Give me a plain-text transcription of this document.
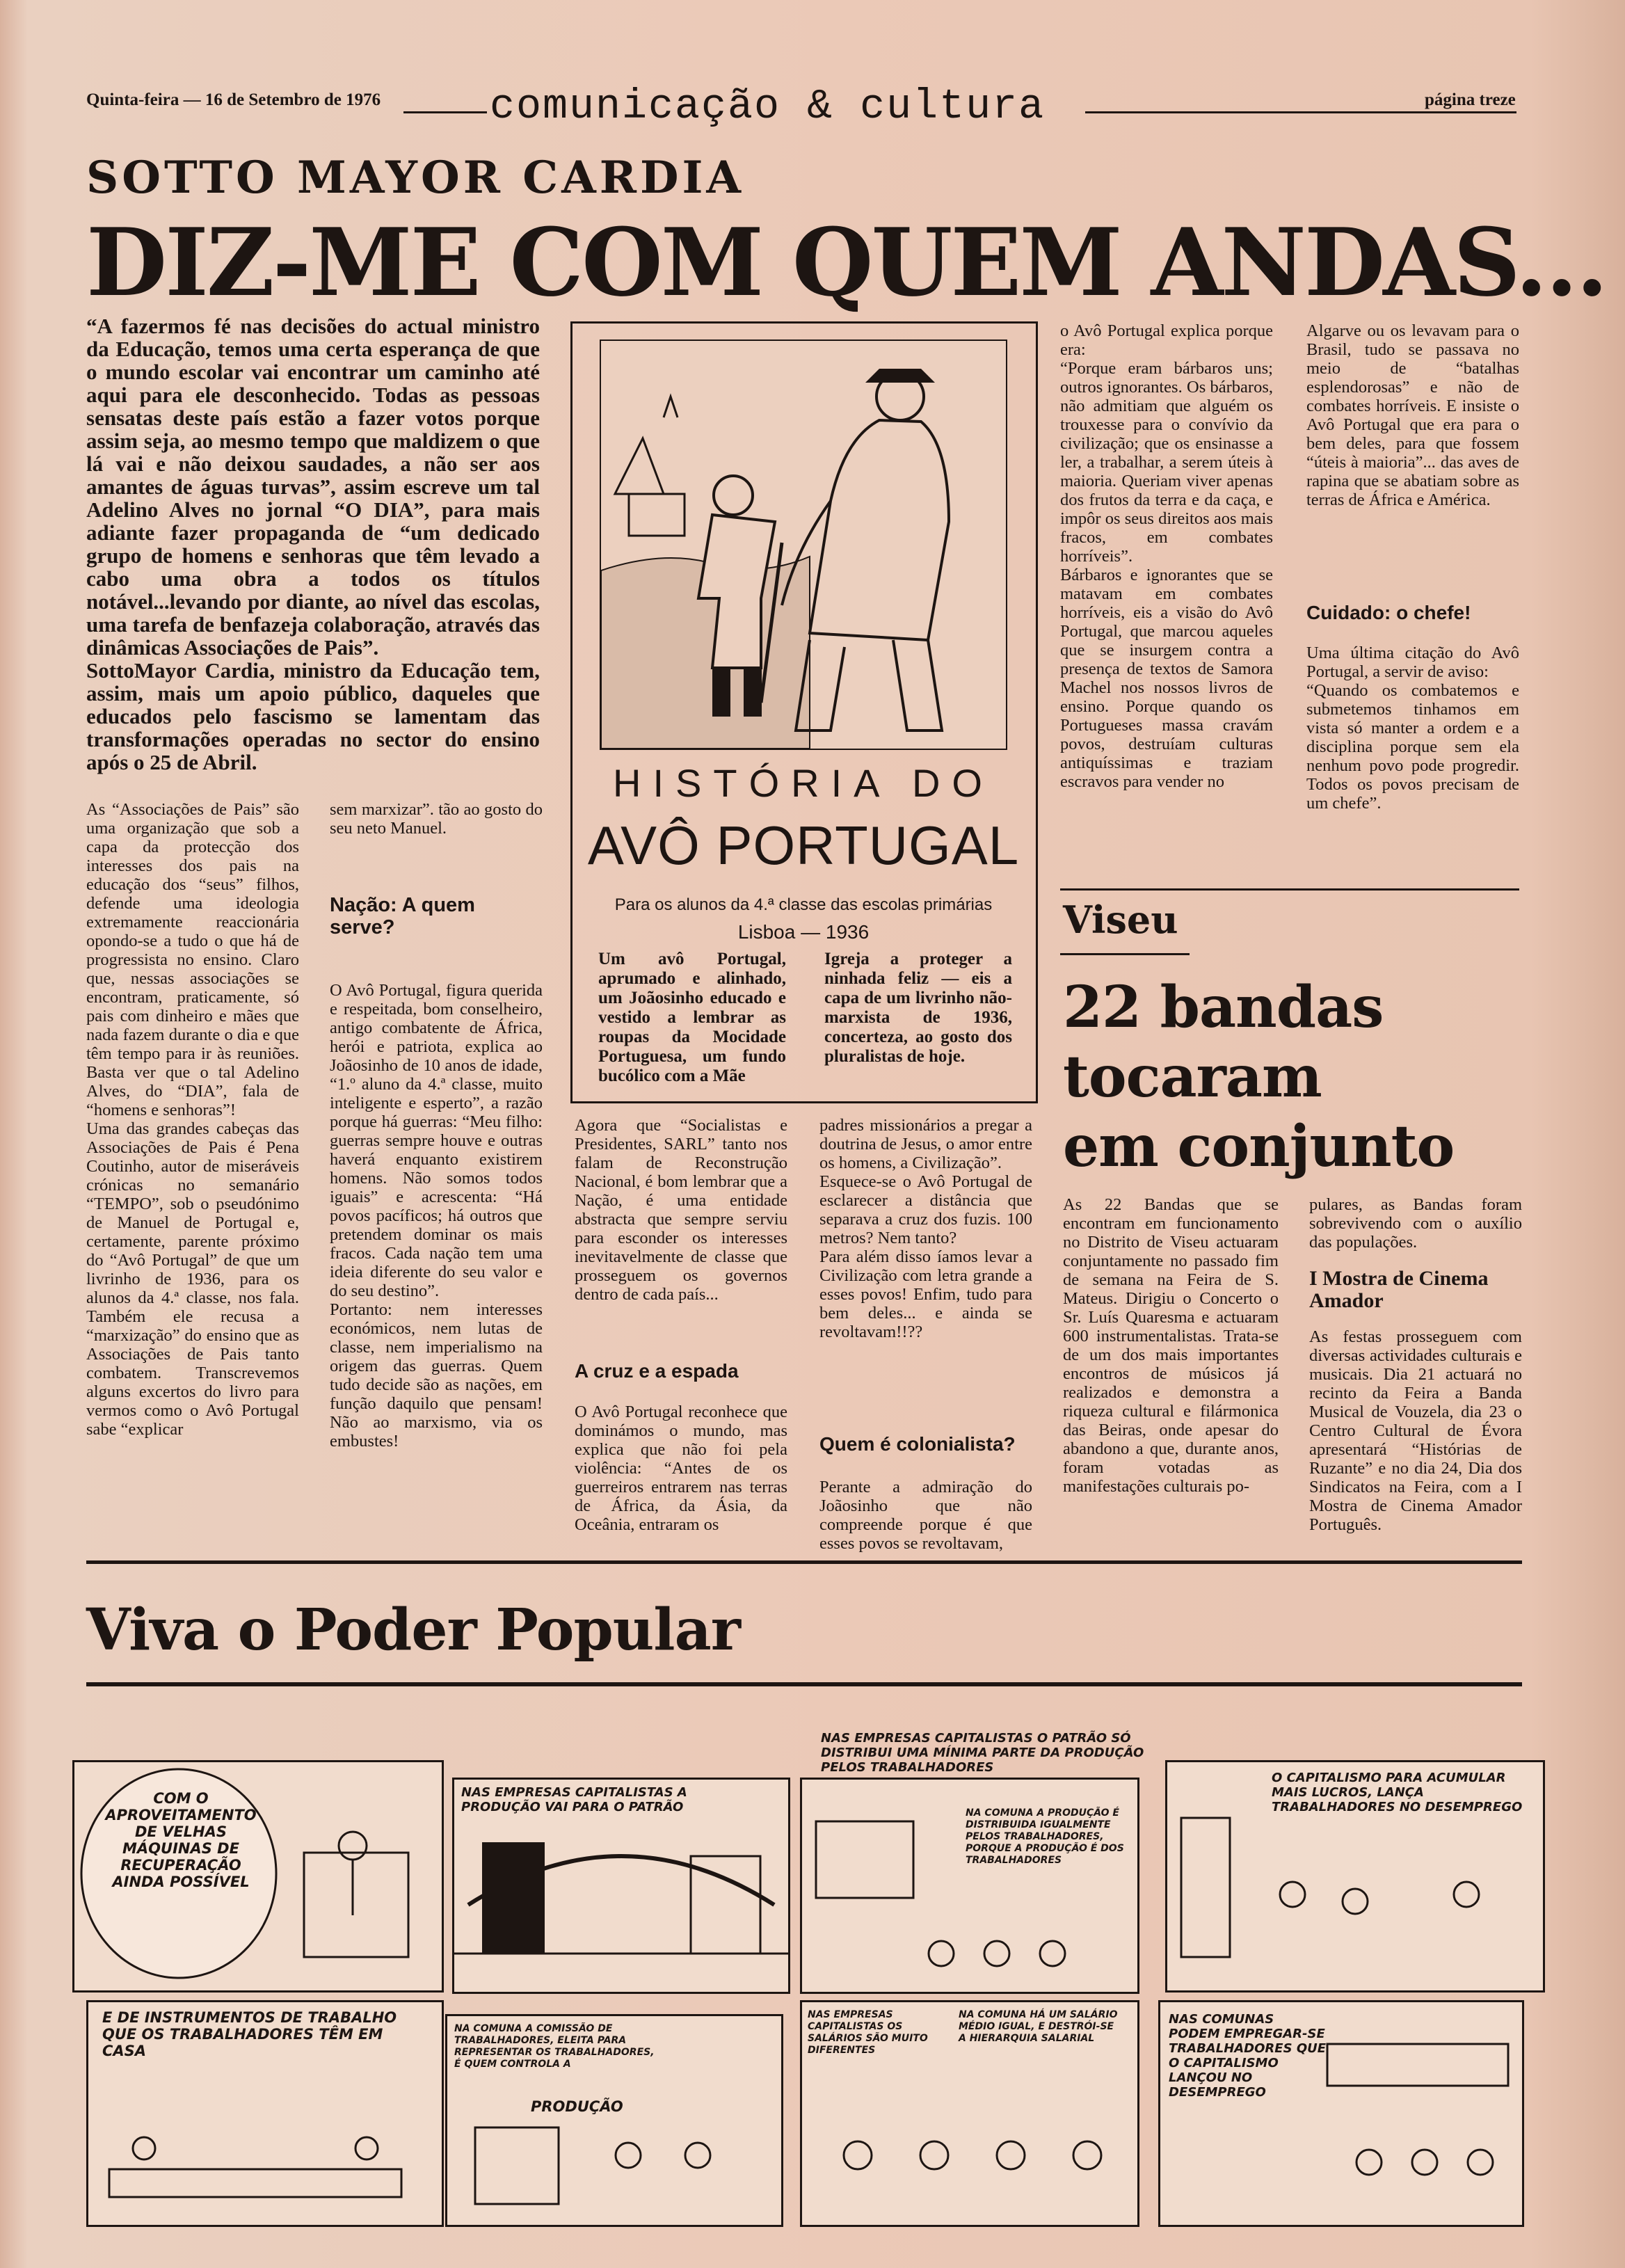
Quinta-feira — 16 de Setembro de 1976	comunicação & cultura	página treze
SOTTO MAYOR CARDIA
DIZ-ME COM QUEM ANDAS...
“A fazermos fé nas decisões do actual ministro da Educação, temos uma certa esperança de que o mundo escolar vai encontrar um caminho até aqui para ele desconhecido. Todas as pessoas sensatas deste país estão a fazer votos porque assim seja, ao mesmo tempo que maldizem o que lá vai e não deixou saudades, a não ser aos amantes de águas turvas”, assim escreve um tal Adelino Alves no jornal “O DIA”, para mais adiante fazer propaganda de “um dedicado grupo de homens e senhoras que têm levado a cabo uma obra a todos os títulos notável...levando por diante, ao nível das escolas, uma tarefa de benfazeja colaboração, através das dinâmicas Associações de Pais”.
SottoMayor Cardia, ministro da Educação tem, assim, mais um apoio público, daqueles que educados pelo fascismo se lamentam das transformações operadas no sector do ensino após o 25 de Abril.
As “Associações de Pais” são uma organização que sob a capa da protecção dos interesses dos pais na educação dos “seus” filhos, defende uma ideologia extremamente reaccionária opondo-se a tudo o que há de progressista no ensino. Claro que, nessas associações se encontram, praticamente, só pais com dinheiro e mães que nada fazem durante o dia e que têm tempo para ir às reuniões. Basta ver que o tal Adelino Alves, do “DIA”, fala de “homens e senhoras”!
Uma das grandes cabeças das Associações de Pais é Pena Coutinho, autor de miseráveis crónicas no semanário “TEMPO”, sob o pseudónimo de Manuel de Portugal e, certamente, parente próximo do “Avô Portugal” de que um livrinho de 1936, para os alunos da 4.ª classe, nos fala. Também ele recusa a “marxização” do ensino que as Associações de Pais tanto combatem. Transcrevemos alguns excertos do livro para vermos como o Avô Portugal sabe “explicar
sem marxizar”. tão ao gosto do seu neto Manuel.
Nação: A quem serve?
O Avô Portugal, figura querida e respeitada, bom conselheiro, antigo combatente de África, herói e patriota, explica ao Joãosinho de 10 anos de idade, “1.º aluno da 4.ª classe, muito inteligente e esperto”, a razão porque há guerras: “Meu filho: guerras sempre houve e outras haverá enquanto existirem homens. Não somos todos iguais” e acrescenta: “Há povos pacíficos; há outros que pretendem dominar os mais fracos. Cada nação tem uma ideia diferente do seu valor e do seu destino”.
Portanto: nem interesses económicos, nem lutas de classe, nem imperialismo na origem das guerras. Quem tudo decide são as nações, em função daquilo que pensam! Não ao marxismo, via os embustes!
HISTÓRIA DO
AVÔ PORTUGAL
Para os alunos da 4.ª classe das escolas primárias
Lisboa — 1936
Um avô Portugal, aprumado e alinhado, um Joãosinho educado e vestido a lembrar as roupas da Mocidade Portuguesa, um fundo bucólico com a Mãe
Igreja a proteger a ninhada feliz — eis a capa de um livrinho não-marxista de 1936, concerteza, ao gosto dos pluralistas de hoje.
Agora que “Socialistas e Presidentes, SARL” tanto nos falam de Reconstrução Nacional, é bom lembrar que a Nação, é uma entidade abstracta que sempre serviu para esconder os interesses inevitavelmente de classe que prosseguem os governos dentro de cada país...
A cruz e a espada
O Avô Portugal reconhece que dominámos o mundo, mas explica que não foi pela violência: “Antes de os guerreiros entrarem nas terras de África, da Ásia, da Oceânia, entraram os
padres missionários a pregar a doutrina de Jesus, o amor entre os homens, a Civilização”.
Esquece-se o Avô Portugal de esclarecer a distância que separava a cruz dos fuzis. 100 metros? Nem tanto?
Para além disso íamos levar a Civilização com letra grande a esses povos! Enfim, tudo para bem deles... e ainda se revoltavam!!??
Quem é colonialista?
Perante a admiração do Joãosinho que não compreende porque é que esses povos se revoltavam,
o Avô Portugal explica porque era:
“Porque eram bárbaros uns; outros ignorantes. Os bárbaros, não admitiam que alguém os trouxesse para o convívio da civilização; que os ensinasse a ler, a trabalhar, a serem úteis à maioria. Queriam viver apenas dos frutos da terra e da caça, e impôr os seus direitos aos mais fracos, em combates horríveis”.
Bárbaros e ignorantes que se matavam em combates horríveis, eis a visão do Avô Portugal, que marcou aqueles que se insurgem contra a presença de textos de Samora Machel nos nossos livros de ensino. Porque quando os Portugueses massa cravám povos, destruíam culturas antiquíssimas e traziam escravos para vender no
Algarve ou os levavam para o Brasil, tudo se passava no meio de “batalhas esplendorosas” e não de combates horríveis. E insiste o Avô Portugal que era para o bem deles, para que fossem “úteis à maioria”... das aves de rapina que se abatiam sobre as terras de África e América.
Cuidado: o chefe!
Uma última citação do Avô Portugal, a servir de aviso:
“Quando os combatemos e submetemos tinhamos em vista só manter a ordem e a disciplina porque sem ela nenhum povo pode progredir. Todos os povos precisam de um chefe”.
Viseu
22 bandas
tocaram
em conjunto
As 22 Bandas que se encontram em funcionamento no Distrito de Viseu actuaram conjuntamente no passado fim de semana na Feira de S. Mateus. Dirigiu o Concerto o Sr. Luís Quaresma e actuaram 600 instrumentalistas. Trata-se de um dos mais importantes encontros de músicos já realizados e demonstra a riqueza cultural e filármonica das Beiras, onde apesar do abandono a que, durante anos, foram votadas as manifestações culturais po-
pulares, as Bandas foram sobrevivendo com o auxílio das populações.
I Mostra de Cinema Amador
As festas prosseguem com diversas actividades culturais e musicais. Dia 21 actuará no recinto da Feira a Banda Musical de Vouzela, dia 23 o Centro Cultural de Évora apresentará “Histórias de Ruzante” e no dia 24, Dia dos Sindicatos na Feira, com a I Mostra de Cinema Amador Português.
Viva o Poder Popular
COM O APROVEITAMENTO DE VELHAS MÁQUINAS DE RECUPERAÇÃO AINDA POSSÍVEL
NAS EMPRESAS CAPITALISTAS A PRODUÇÃO VAI PARA O PATRÃO	NA COMUNA A PRODUÇÃO É DISTRIBUIDA IGUALMENTE PELOS TRABALHADORES, PORQUE A PRODUÇÃO É DOS TRABALHADORES
NAS EMPRESAS CAPITALISTAS O PATRÃO SÓ DISTRIBUI UMA MÍNIMA PARTE DA PRODUÇÃO PELOS TRABALHADORES
O CAPITALISMO PARA ACUMULAR MAIS LUCROS, LANÇA TRABALHADORES NO DESEMPREGO
E DE INSTRUMENTOS DE TRABALHO QUE OS TRABALHADORES TÊM EM CASA
NA COMUNA A COMISSÃO DE TRABALHADORES, ELEITA PARA REPRESENTAR OS TRABALHADORES, É QUEM CONTROLA A
PRODUÇÃO
NAS EMPRESAS CAPITALISTAS OS SALÁRIOS SÃO MUITO DIFERENTES
NA COMUNA HÁ UM SALÁRIO MÉDIO IGUAL, E DESTRÓI-SE A HIERARQUIA SALARIAL
NAS COMUNAS PODEM EMPREGAR-SE TRABALHADORES QUE O CAPITALISMO LANÇOU NO DESEMPREGO
